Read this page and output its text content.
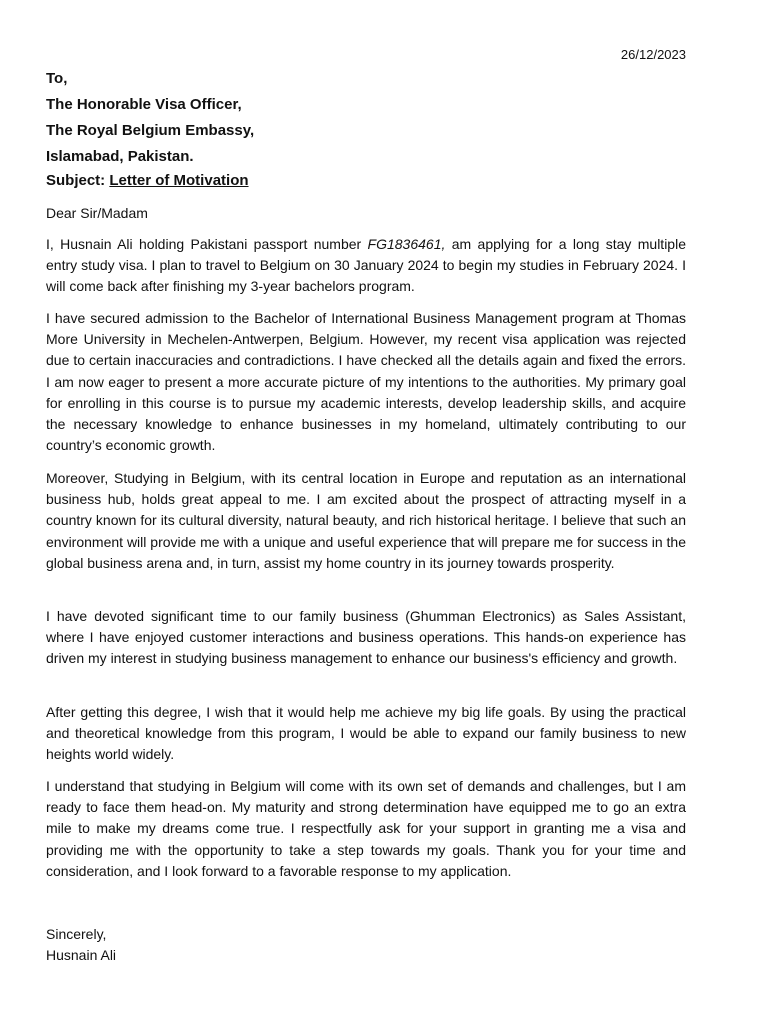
26/12/2023
To,
The Honorable Visa Officer,
The Royal Belgium Embassy,
Islamabad, Pakistan.
Subject: Letter of Motivation
Dear Sir/Madam

I, Husnain Ali holding Pakistani passport number FG1836461, am applying for a long stay multiple entry study visa. I plan to travel to Belgium on 30 January 2024 to begin my studies in February 2024. I will come back after finishing my 3-year bachelors program.

I have secured admission to the Bachelor of International Business Management program at Thomas More University in Mechelen-Antwerpen, Belgium. However, my recent visa application was rejected due to certain inaccuracies and contradictions. I have checked all the details again and fixed the errors. I am now eager to present a more accurate picture of my intentions to the authorities. My primary goal for enrolling in this course is to pursue my academic interests, develop leadership skills, and acquire the necessary knowledge to enhance businesses in my homeland, ultimately contributing to our country’s economic growth.

Moreover, Studying in Belgium, with its central location in Europe and reputation as an international business hub, holds great appeal to me. I am excited about the prospect of attracting myself in a country known for its cultural diversity, natural beauty, and rich historical heritage. I believe that such an environment will provide me with a unique and useful experience that will prepare me for success in the global business arena and, in turn, assist my home country in its journey towards prosperity.

I have devoted significant time to our family business (Ghumman Electronics) as Sales Assistant, where I have enjoyed customer interactions and business operations. This hands-on experience has driven my interest in studying business management to enhance our business's efficiency and growth.

After getting this degree, I wish that it would help me achieve my big life goals. By using the practical and theoretical knowledge from this program, I would be able to expand our family business to new heights world widely.

I understand that studying in Belgium will come with its own set of demands and challenges, but I am ready to face them head-on. My maturity and strong determination have equipped me to go an extra mile to make my dreams come true. I respectfully ask for your support in granting me a visa and providing me with the opportunity to take a step towards my goals. Thank you for your time and consideration, and I look forward to a favorable response to my application.

Sincerely,
Husnain Ali
